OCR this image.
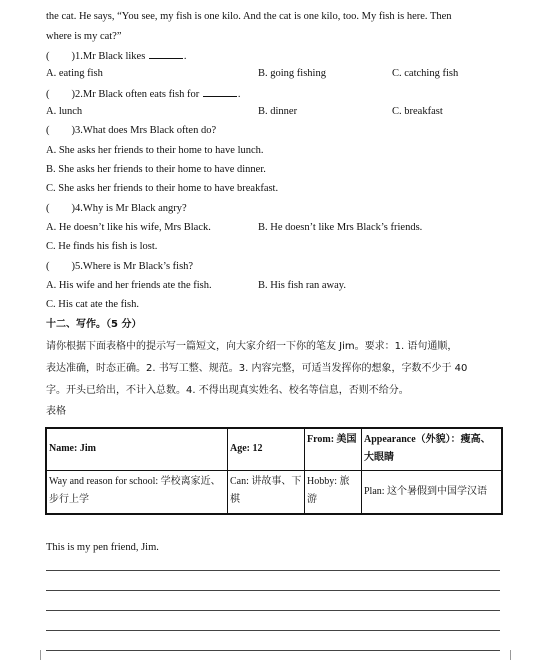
the cat. He says, “You see, my fish is one kilo. And the cat is one kilo, too. My fish is here. Then
where is my cat?”
( )1.Mr Black likes	.
A. eating fish	B. going fishing	C. catching fish
( )2.Mr Black often eats fish for	.
A. lunch	B. dinner	C. breakfast
( )3.What does Mrs Black often do?
A. She asks her friends to their home to have lunch.
B. She asks her friends to their home to have dinner.
C. She asks her friends to their home to have breakfast.
( )4.Why is Mr Black angry?
A. He doesn’t like his wife, Mrs Black.	B. He doesn’t like Mrs Black’s friends.
C. He finds his fish is lost.
( )5.Where is Mr Black’s fish?
A. His wife and her friends ate the fish.	B. His fish ran away.
C. His cat ate the fish.
十二、写作。（5 分）
请你根据下面表格中的提示写一篇短文，向大家介绍一下你的笔友 Jim。要求：1. 语句通顺，
表达准确，时态正确。2. 书写工整、规范。3. 内容完整，可适当发挥你的想象，字数不少于 40
字。开头已给出，不计入总数。4. 不得出现真实姓名、校名等信息，否则不给分。
表格
Name: Jim	Age: 12	From: 美国	Appearance（外貌）：瘦高、大眼睛
Way and reason for school: 学校离家近、步行上学	Can: 讲故事、下棋	Hobby: 旅游	Plan: 这个暑假到中国学汉语
This is my pen friend, Jim.
